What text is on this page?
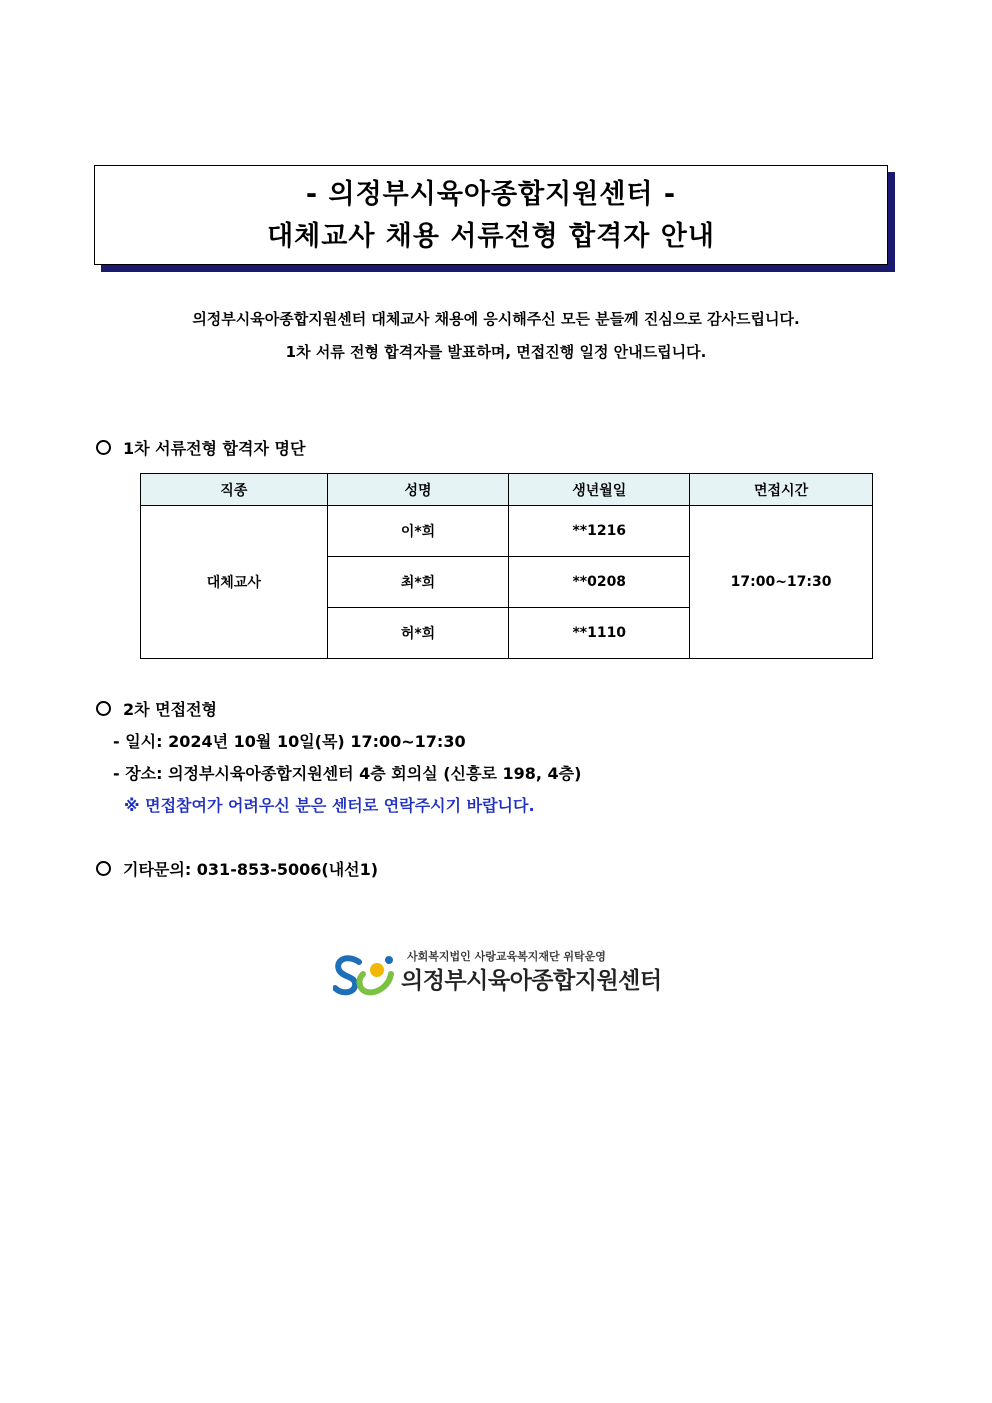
- 의정부시육아종합지원센터 -
대체교사 채용 서류전형 합격자 안내
의정부시육아종합지원센터 대체교사 채용에 응시해주신 모든 분들께 진심으로 감사드립니다.
1차 서류 전형 합격자를 발표하며, 면접진행 일정 안내드립니다.
1차 서류전형 합격자 명단
직종	성명	생년월일	면접시간
대체교사	이*희	**1216	17:00~17:30
	최*희	**0208	
	허*희	**1110	
2차 면접전형
- 일시: 2024년 10월 10일(목) 17:00~17:30
- 장소: 의정부시육아종합지원센터 4층 회의실 (신흥로 198, 4층)
※ 면접참여가 어려우신 분은 센터로 연락주시기 바랍니다.
기타문의: 031-853-5006(내선1)
사회복지법인 사랑교육복지재단 위탁운영
의정부시육아종합지원센터
